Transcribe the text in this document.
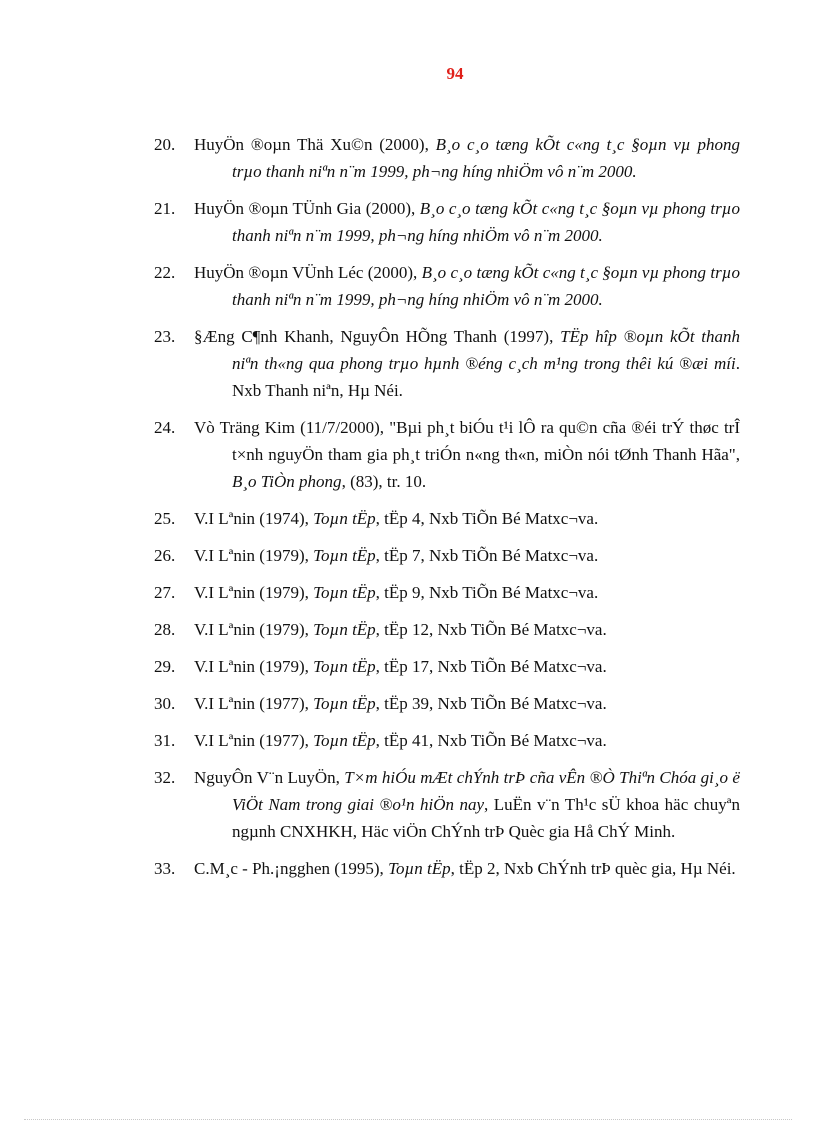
94
20.	HuyÖn ®oµn Thä Xu©n (2000), B¸o c¸o tæng kÕt c«ng t¸c §oµn vµ phong trµo thanh niªn n¨m 1999, ph¬ng híng nhiÖm vô n¨m 2000.
21.	HuyÖn ®oµn TÜnh Gia (2000), B¸o c¸o tæng kÕt c«ng t¸c §oµn vµ phong trµo thanh niªn n¨m 1999, ph¬ng híng nhiÖm vô n¨m 2000.
22.	HuyÖn ®oµn VÜnh Léc (2000), B¸o c¸o tæng kÕt c«ng t¸c §oµn vµ phong trµo thanh niªn n¨m 1999, ph¬ng híng nhiÖm vô n¨m 2000.
23.	§Æng C¶nh Khanh, NguyÔn HÕng Thanh (1997), TËp hîp ®oµn kÕt thanh niªn th«ng qua phong trµo hµnh ®éng c¸ch m¹ng trong thêi kú ®æi míi. Nxb Thanh niªn, Hµ Néi.
24.	Vò Träng Kim (11/7/2000), "Bµi ph¸t biÓu t¹i lÔ ra qu©n cña ®éi trÝ thøc trÎ t×nh nguyÖn tham gia ph¸t triÓn n«ng th«n, miÒn nói tØnh Thanh Hãa", B¸o TiÒn phong, (83), tr. 10.
25.	V.I Lªnin (1974), Toµn tËp, tËp 4, Nxb TiÕn Bé Matxc¬va.
26.	V.I Lªnin (1979), Toµn tËp, tËp 7, Nxb TiÕn Bé Matxc¬va.
27.	V.I Lªnin (1979), Toµn tËp, tËp 9, Nxb TiÕn Bé Matxc¬va.
28.	V.I Lªnin (1979), Toµn tËp, tËp 12, Nxb TiÕn Bé Matxc¬va.
29.	V.I Lªnin (1979), Toµn tËp, tËp 17, Nxb TiÕn Bé Matxc¬va.
30.	V.I Lªnin (1977), Toµn tËp, tËp 39, Nxb TiÕn Bé Matxc¬va.
31.	V.I Lªnin (1977), Toµn tËp, tËp 41, Nxb TiÕn Bé Matxc¬va.
32.	NguyÔn V¨n LuyÖn, T×m hiÓu mÆt chÝnh trÞ cña vÊn ®Ò Thiªn Chóa gi¸o ë ViÖt Nam trong giai ®o¹n hiÖn nay, LuËn v¨n Th¹c sÜ khoa häc chuyªn ngµnh CNXHKH, Häc viÖn ChÝnh trÞ Quèc gia Hå ChÝ Minh.
33.	C.M¸c - Ph.¡ngghen (1995), Toµn tËp, tËp 2, Nxb ChÝnh trÞ quèc gia, Hµ Néi.
